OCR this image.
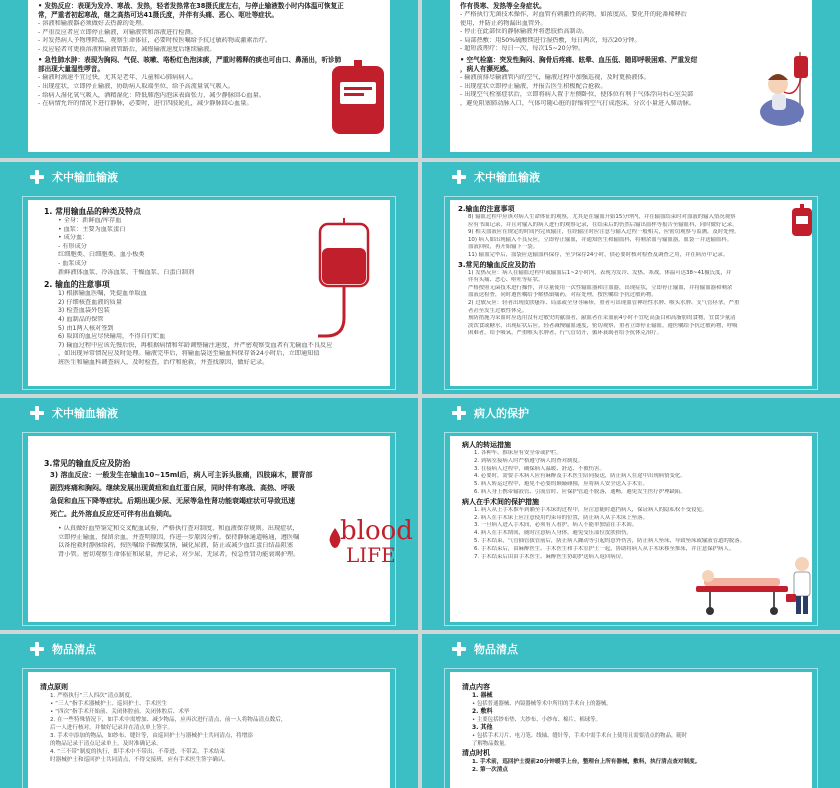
• 发热反应：表现为发冷、寒战、发热，轻者发热常在38摄氏度左右，与停止输液数小时内体温可恢复正
常，严重者初起寒战，继之高热可达41摄氏度，并伴有头痛、恶心、呕吐等症状。
- 溶液和输液器必须做好去热源的处理。
- 严重反应者应立即停止输液，对输液管和溶液进行检测。
- 对发热病人予物理降温，观察生命体征，必要时按医嘱给予抗过敏药物或激素治疗。
- 反应轻者可更换溶液和输液管路后，减慢输液速度后继续输液。
• 急性肺水肿：表现为胸闷、气促、咳嗽、咯粉红色泡沫痰，严重时稀释的痰也可由口、鼻涌出，听诊肺
部出现大量湿性啰音。
- 输液时滴速不宜过快，尤其是老年、儿童和心肺病病人。
- 出现症状，立即停止输液，协助病人取端坐位，给予高流量氧气吸入。
- 给病人湿化氧气吸入，酒精湿化：降低肺泡内泡沫表面张力，减少静脉回心血量。
- 在病情允许的情况下进行静脉，必要时，进行四肢轮扎，减少静脉回心血量。
作有畏寒、发热等全身症状。
- 严格执行无菌技术操作，对血管有刺激性的药物，如浓度高，要化开的轮番稀释后
使用，并防止药物漏出血管外。
- 停止在此部位的静脉输液并将患肢抬高制动。
- 局部热敷：用50%硫酸镁进行湿热敷，每日两次，每次20分钟。
- 超短波理疗：每日一次，每次15~20分钟。
• 空气栓塞：突发性胸闷、胸骨后疼痛、眩晕、血压低、随即呼吸困难、严重发绀
，病人有濒死感。
- 输液前排尽输液管内的空气，输液过程中加强巡视，及时更换液体。
- 出现症状立即停止输液，并报告医生积极配合抢救。
- 出现空气栓塞症状后，立即将病人置于左侧卧位，使体位有利于气体浮向右心室尖部
，避免阻塞肺动脉入口，气体可随心脏的舒缩将空气打成泡沫，分次小量进入肺动脉。
术中输血输液
1. 常用输血品的种类及特点
• 全身：新鲜血/库存血
• 血浆：主要为血浆蛋白
• 成分血：
- 有形成分
红细胞类、白细胞类、血小板类
- 血浆成分
新鲜液体血浆、冷冻血浆、干燥血浆、白蛋白制剂
2. 输血的注意事项
1) 根据输血医嘱，凭提血单取血
2) 仔细核查血液的质量
3) 检查血袋外包装
4) 血制品的保管
5) 由1两人核对签到
6) 取回的血应尽快输用，不得自行贮血
7) 输血过程中应该先慢后快，再根据病情和年龄调整输注速度，并严密观察受血者有无输血不良反应
，如出现异常情况应及时处理。输液完毕后，将输血袋送至输血科保存备24小时后，立即通知值
班医生和输血科调查病人，及时检查，治疗和抢救，并查找原因，做好记录。
术中输血输液
2.输血的注意事项
8) 输血过程中应该对病人生命体征的观察，尤其是在输血开始15分钟内，并在输血结束时对血液的输入情况观察
应有书面记录，并且对输入的病人进行的观察记录，在结束后的仍然后输出血样等报告至输血科，同时做好记录。
9) 相关血液应在规定的时间内完成输注，在经输注时应注意与输入过程一般相关，应密切观察与监测，及时处理。
10) 病人如出现输入不良反应，立即停止输血，并通知医生和输血科，将剩余血与输血器，血袋一并送输血科。
血液回收，再开始输下一袋。
11) 输血完毕后，血袋应送输血科保存，至少保存24小时，供必要时核对检查及调查之用，并在病历中记录。
3.常见的输血反应及防治
1) 发热反应：病人在输血过程中或输血后1~2小时内，表现为发冷、发热、寒战，体温可达38~41摄氏度，并
伴有头痛、恶心、呕吐等症状。
严格按照无菌技术进行操作，并尽量使用一次性输血器和注血器，出现症状，立即停止输血，并将输血器和剩余
血液送检查，同时遵医嘱给予解热镇痛药，对症处理，按医嘱给予抗过敏药物。
2) 过敏反应：轻者出现皮肤瘙痒、局部或全身荨麻疹，重者可出现血管神经性水肿、喉头水肿、支气管痉挛，严重
者甚至发生过敏性休克。
预防措施为采血时应选用没有过敏史的献血者，献血者在采血前4小时不宜吃高蛋白和高脂肪的食物，宜食少量清
淡饮食或糖水，出现症状后应，轻者减慢输血速度，密切观察，重者立即停止输血，遵医嘱给予抗过敏药物，呼吸
困难者，给予吸氧，严重喉头水肿者，行气管切开，循环衰竭者给予抗休克治疗。
术中输血输液
3.常见的输血反应及防治
3) 溶血反应：一般发生在输血10~15ml后，病人可主诉头胀痛，四肢麻木，腰背部
剧烈疼痛和胸闷。继续发展出现黄疸和血红蛋白尿，同时伴有寒战、高热、呼吸
急促和血压下降等症状。后期出现少尿、无尿等急性肾功能衰竭症状可导致迅速
死亡。此外溶血反应还可伴有出血倾向。
• 认真做好血型鉴定和交叉配血试验，严格执行查对制度，和血液保存规则。出现症状，
立即停止输血，保留余血，并查明原因，作进一步原因分析。保持静脉通道畅通，遵医嘱
以备抢救时静脉给药，按医嘱给予碳酸氢钠，碱化尿液，防止或减少血红蛋白结晶阻塞
肾小管。密切观察生命体征和尿量，并记录，对少尿、无尿者，按急性肾功能衰竭护理。
blood
LIFE
病人的保护
病人的转运措施
1. 各种车、推床应有安全带或护栏。
2. 到病室接病人时严格遵守病人的查对制度。
3. 在接病人过程中，确保病人温暖、舒适、不被伤害。
4. 必要时，需要手术病人应有麻醉及手术医生陪同接送，防止病人在途中出现病情变化。
5. 病人转运过程中，避免不必要的颠簸碰撞，应将病人安全送入手术室。
6. 病人身上携带输液管、引流管时，应保护管道不脱落，通畅，避免发生医疗护理缺陷。
病人在手术间的保护措施
1. 病人从上手术推车到躺至手术床的过程中，应注意随时遮挡病人，保证病人的隐私权不受侵犯。
2. 病人在手术床上应注意使用约束带的位置，防止病人从手术床上坠落。
3. 一旦病人进入手术间，必须有人看护，病人不能单独留在手术间。
4. 病人在手术期间，随时注意病人身体，避免受压部位皮肤损伤。
5. 手术结束，气管插管拔管前后，防止病人躁动等引起的意外伤害，防止病人坠床，导致坠床或输液管道的脱落。
6. 手术结束后，由麻醉医生、手术医生和手术室护士一起，协助将病人从手术床移至推床，并注意保护病人。
7. 手术结束后由由手术医生、麻醉医生协助护送病人返回病房。
物品清点
清点原则
1. 严格执行“三人四次”清点制度。
• “三人”指手术器械护士、巡回护士、手术医生
• “四次”指手术开始前、关闭体腔前、关闭体腔后、术毕
2. 在一些特殊情况下，如手术中需增加、减少物品，应再次进行清点，前一人将物品清点数后，
后一人进行核对，并做好记录并在清点单上签字。
3. 手术中添加的物品，如纱布、缝针等，由巡回护士与器械护士共同清点，将增添
的物品记录于清点记录单上，及时准确记录。
4. “三不带”制度的执行，即手术中不带出、不带进、不带丢，手术结束
时器械护士和巡回护士共同清点，不得交接班，应有手术医生签字确认。
物品清点
清点内容
1. 器械
• 包括普通器械、内镜器械等术中所用的手术台上的器械。
2. 敷料
• 主要包括纱布垫、大纱布、小纱布、棉片、棉球等。
3. 其他
• 包括手术刀片、电刀笔、线轴、缝针等，手术中需手术台上使用且需要清点的物品，随时
了解物品数量。
清点时机
1. 手术前，巡回护士提前20分钟暖手上台，整理台上所有器械，敷料，执行清点查对制度。
2. 第一次清点
